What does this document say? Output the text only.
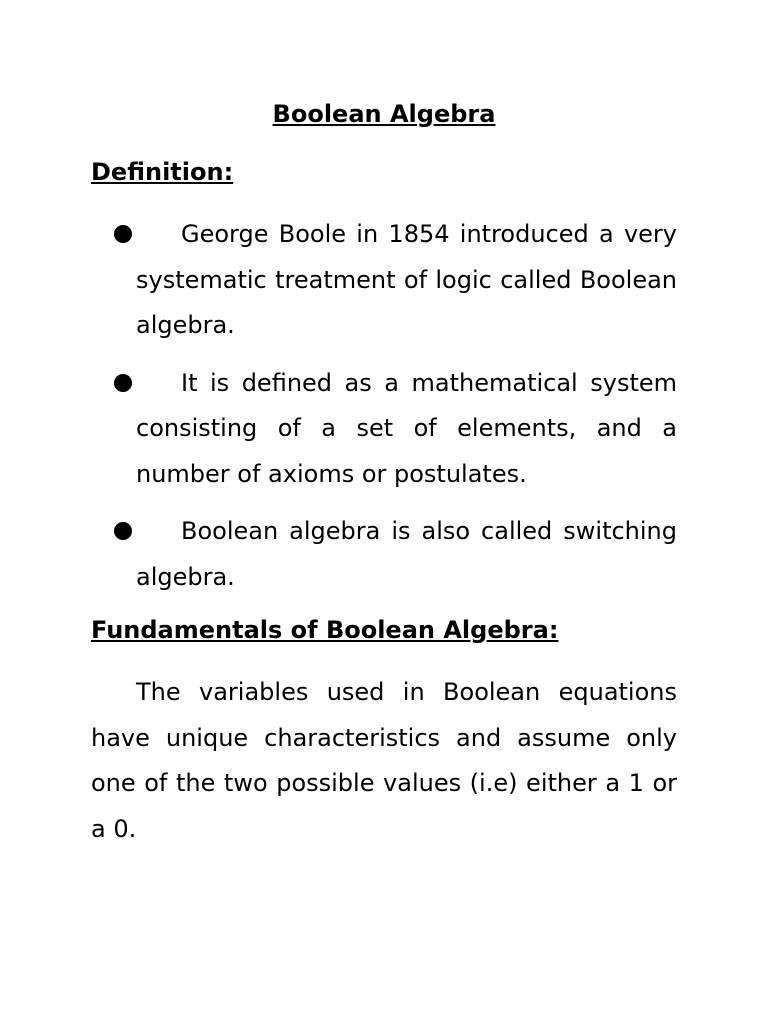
Boolean Algebra
Definition:
George Boole in 1854 introduced a very systematic treatment of logic called Boolean algebra.
It is defined as a mathematical system consisting of a set of elements, and a number of axioms or postulates.
Boolean algebra is also called switching algebra.
Fundamentals of Boolean Algebra:

The variables used in Boolean equations have unique characteristics and assume only one of the two possible values (i.e) either a 1 or a 0.
